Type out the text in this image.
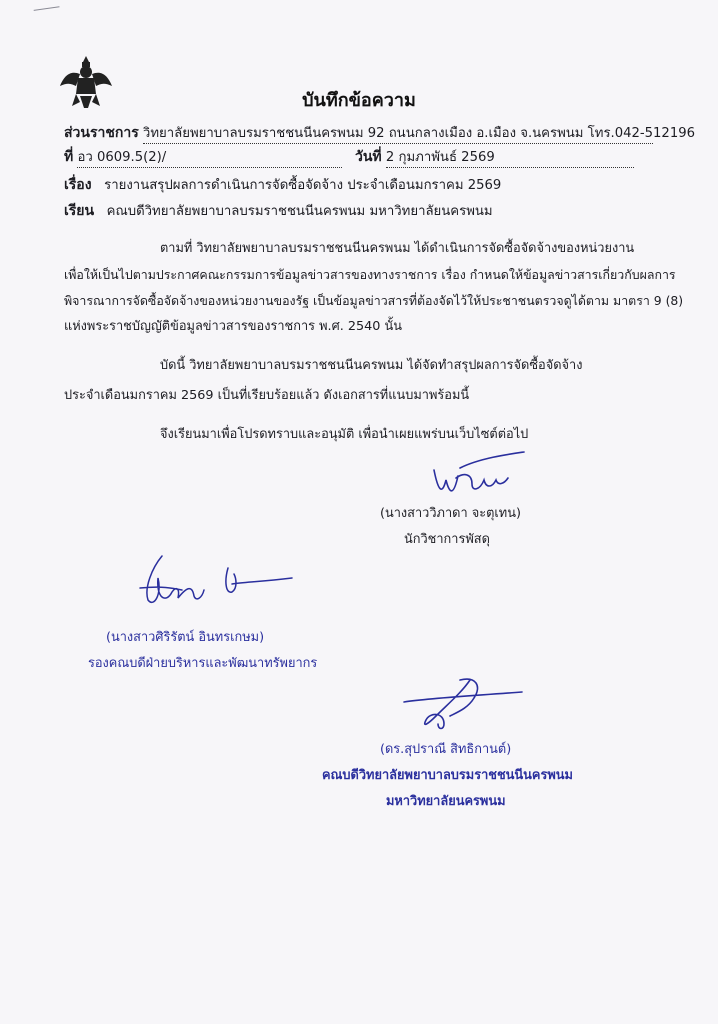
บันทึกข้อความ
ส่วนราชการ วิทยาลัยพยาบาลบรมราชชนนีนครพนม 92 ถนนกลางเมือง อ.เมือง จ.นครพนม โทร.042-512196
ที่ อว 0609.5(2)/	วันที่ 2 กุมภาพันธ์ 2569
เรื่อง รายงานสรุปผลการดำเนินการจัดซื้อจัดจ้าง ประจำเดือนมกราคม 2569
เรียน คณบดีวิทยาลัยพยาบาลบรมราชชนนีนครพนม มหาวิทยาลัยนครพนม
ตามที่ วิทยาลัยพยาบาลบรมราชชนนีนครพนม ได้ดำเนินการจัดซื้อจัดจ้างของหน่วยงาน
เพื่อให้เป็นไปตามประกาศคณะกรรมการข้อมูลข่าวสารของทางราชการ เรื่อง กำหนดให้ข้อมูลข่าวสารเกี่ยวกับผลการ
พิจารณาการจัดซื้อจัดจ้างของหน่วยงานของรัฐ เป็นข้อมูลข่าวสารที่ต้องจัดไว้ให้ประชาชนตรวจดูได้ตาม มาตรา 9 (8)
แห่งพระราชบัญญัติข้อมูลข่าวสารของราชการ พ.ศ. 2540 นั้น
บัดนี้ วิทยาลัยพยาบาลบรมราชชนนีนครพนม ได้จัดทำสรุปผลการจัดซื้อจัดจ้าง
ประจำเดือนมกราคม 2569 เป็นที่เรียบร้อยแล้ว ดังเอกสารที่แนบมาพร้อมนี้
จึงเรียนมาเพื่อโปรดทราบและอนุมัติ เพื่อนำเผยแพร่บนเว็บไซต์ต่อไป
(นางสาววิภาดา จะตุเทน)
นักวิชาการพัสดุ
(นางสาวศิริรัตน์ อินทรเกษม)
รองคณบดีฝ่ายบริหารและพัฒนาทรัพยากร
(ดร.สุปราณี สิทธิกานต์)
คณบดีวิทยาลัยพยาบาลบรมราชชนนีนครพนม
มหาวิทยาลัยนครพนม
